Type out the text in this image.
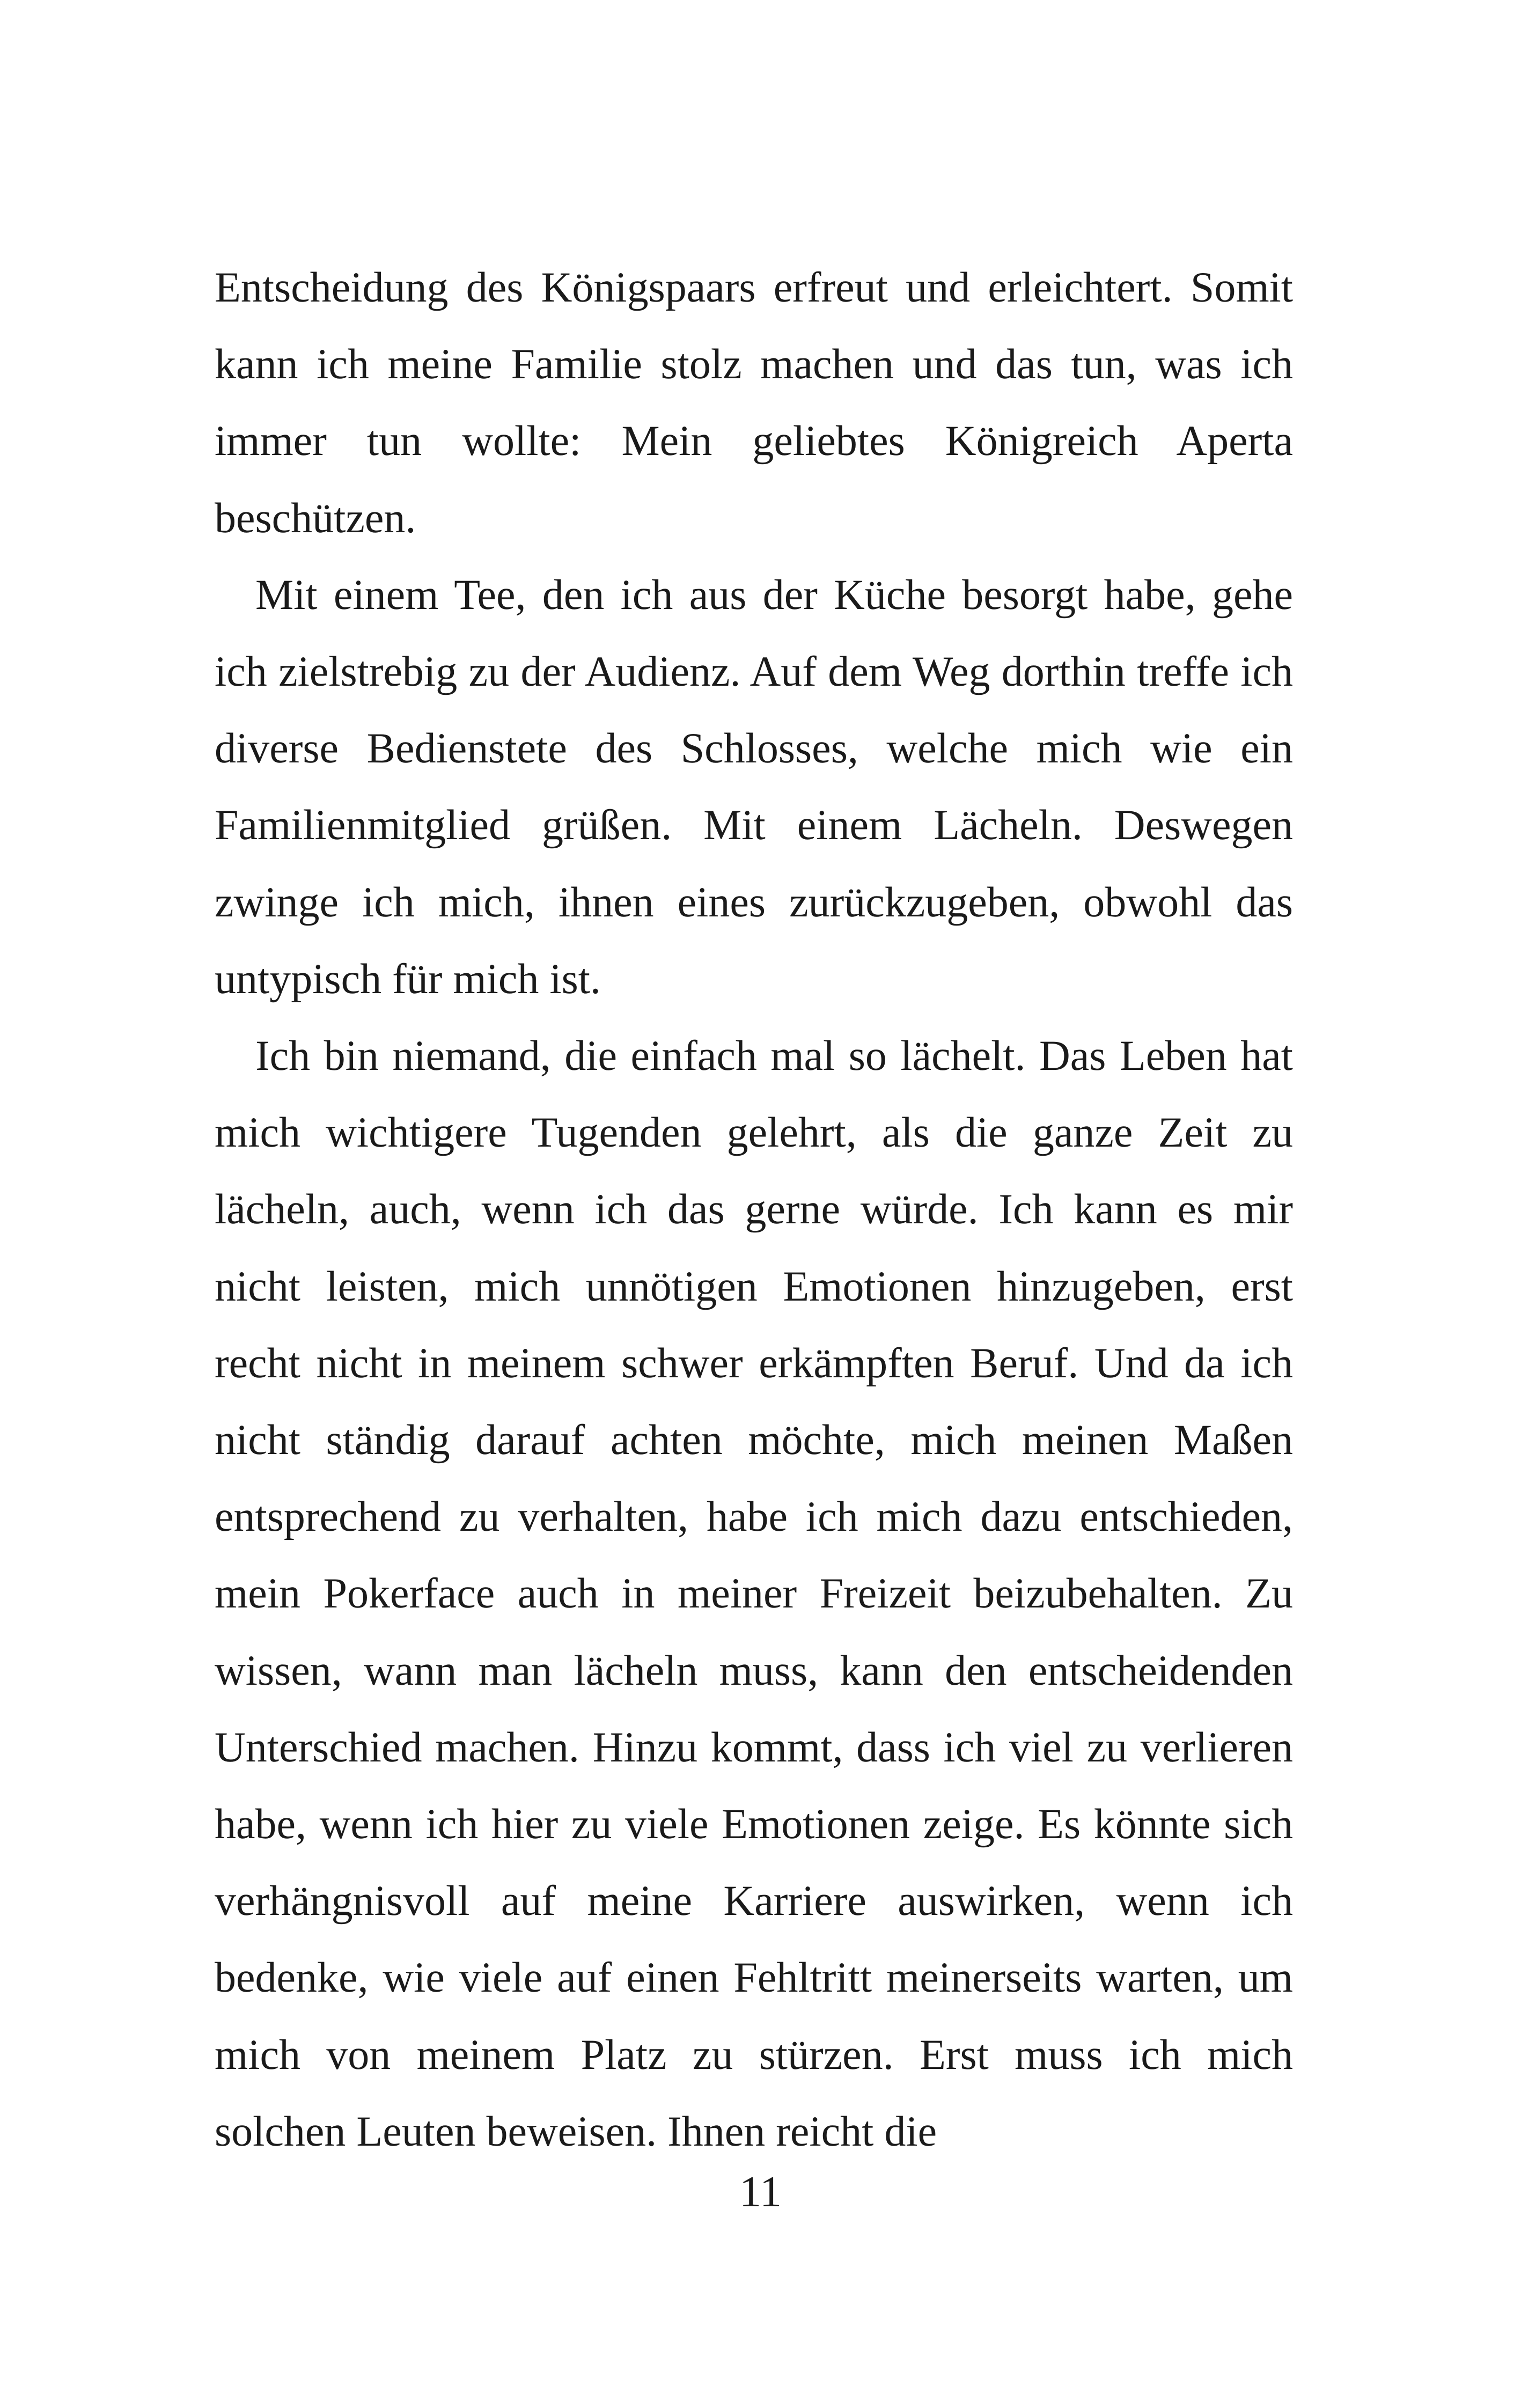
Entscheidung des Königspaars erfreut und erleichtert. Somit kann ich meine Familie stolz machen und das tun, was ich immer tun wollte: Mein geliebtes Königreich Aperta beschützen.

Mit einem Tee, den ich aus der Küche besorgt habe, gehe ich zielstrebig zu der Audienz. Auf dem Weg dorthin treffe ich diverse Bedienstete des Schlosses, welche mich wie ein Familienmitglied grüßen. Mit einem Lächeln. Deswegen zwinge ich mich, ihnen eines zurückzugeben, obwohl das untypisch für mich ist.

Ich bin niemand, die einfach mal so lächelt. Das Leben hat mich wichtigere Tugenden gelehrt, als die ganze Zeit zu lächeln, auch, wenn ich das gerne würde. Ich kann es mir nicht leisten, mich unnötigen Emotionen hinzugeben, erst recht nicht in meinem schwer erkämpften Beruf. Und da ich nicht ständig darauf achten möchte, mich meinen Maßen entsprechend zu verhalten, habe ich mich dazu entschieden, mein Pokerface auch in meiner Freizeit beizubehalten. Zu wissen, wann man lächeln muss, kann den entscheidenden Unterschied machen. Hinzu kommt, dass ich viel zu verlieren habe, wenn ich hier zu viele Emotionen zeige. Es könnte sich verhängnisvoll auf meine Karriere auswirken, wenn ich bedenke, wie viele auf einen Fehltritt meinerseits warten, um mich von meinem Platz zu stürzen. Erst muss ich mich solchen Leuten beweisen. Ihnen reicht die

11
